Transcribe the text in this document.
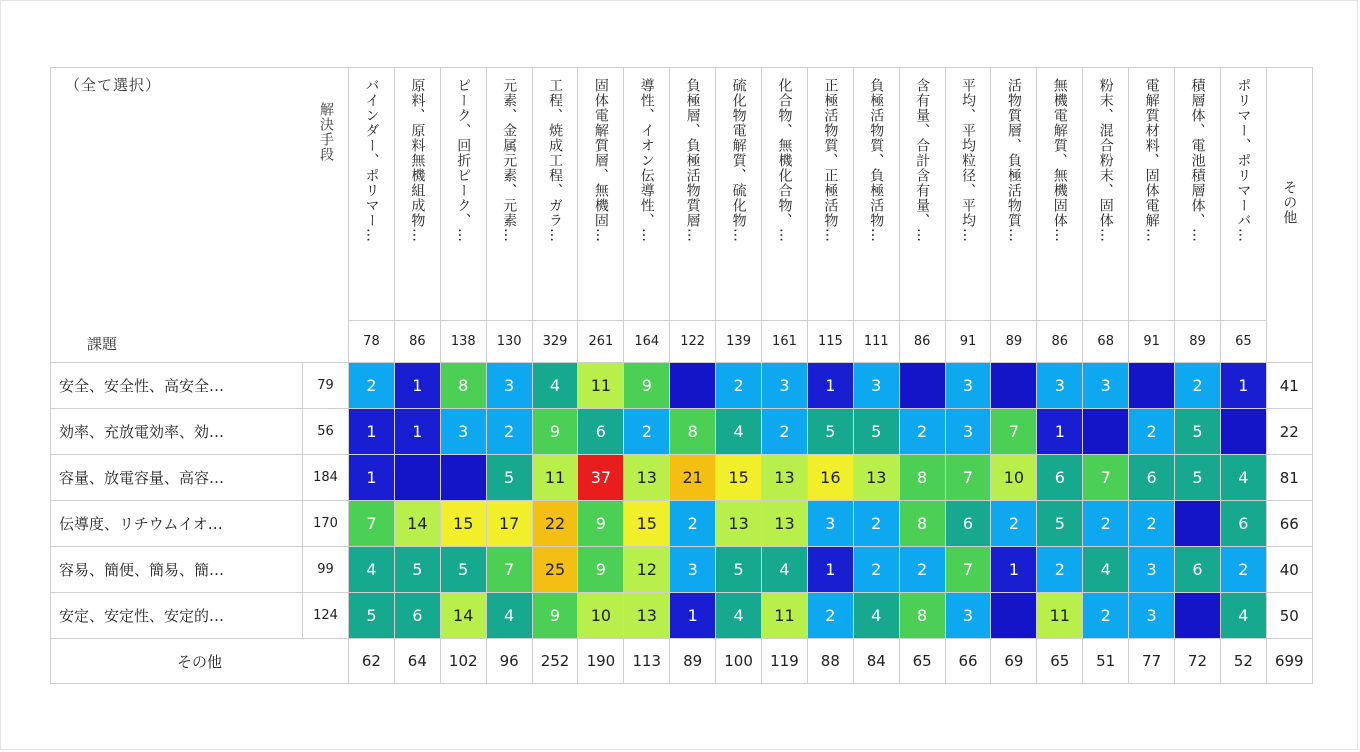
（全て選択）
解決手段
課題		バインダー、ポリマー…	原料、原料無機組成物…	ピーク、回折ピーク、…	元素、金属元素、元素…	工程、焼成工程、ガラ…	固体電解質層、無機固…	導性、イオン伝導性、…	負極層、負極活物質層…	硫化物電解質、硫化物…	化合物、無機化合物、…	正極活物質、正極活物…	負極活物質、負極活物…	含有量、合計含有量、…	平均、平均粒径、平均…	活物質層、負極活物質…	無機電解質、無機固体…	粉末、混合粉末、固体…	電解質材料、固体電解…	積層体、電池積層体、…	ポリマー、ポリマーバ…	その他

		78	86	138	130	329	261	164	122	139	161	115	111	86	91	89	86	68	91	89	65	
安全、安全性、高安全…	79	2	1	8	3	4	11	9		2	3	1	3		3		3	3		2	1	41
効率、充放電効率、効…	56	1	1	3	2	9	6	2	8	4	2	5	5	2	3	7	1		2	5		22
容量、放電容量、高容…	184	1			5	11	37	13	21	15	13	16	13	8	7	10	6	7	6	5	4	81
伝導度、リチウムイオ…	170	7	14	15	17	22	9	15	2	13	13	3	2	8	6	2	5	2	2		6	66
容易、簡便、簡易、簡…	99	4	5	5	7	25	9	12	3	5	4	1	2	2	7	1	2	4	3	6	2	40
安定、安定性、安定的…	124	5	6	14	4	9	10	13	1	4	11	2	4	8	3		11	2	3		4	50
その他		62	64	102	96	252	190	113	89	100	119	88	84	65	66	69	65	51	77	72	52	699
